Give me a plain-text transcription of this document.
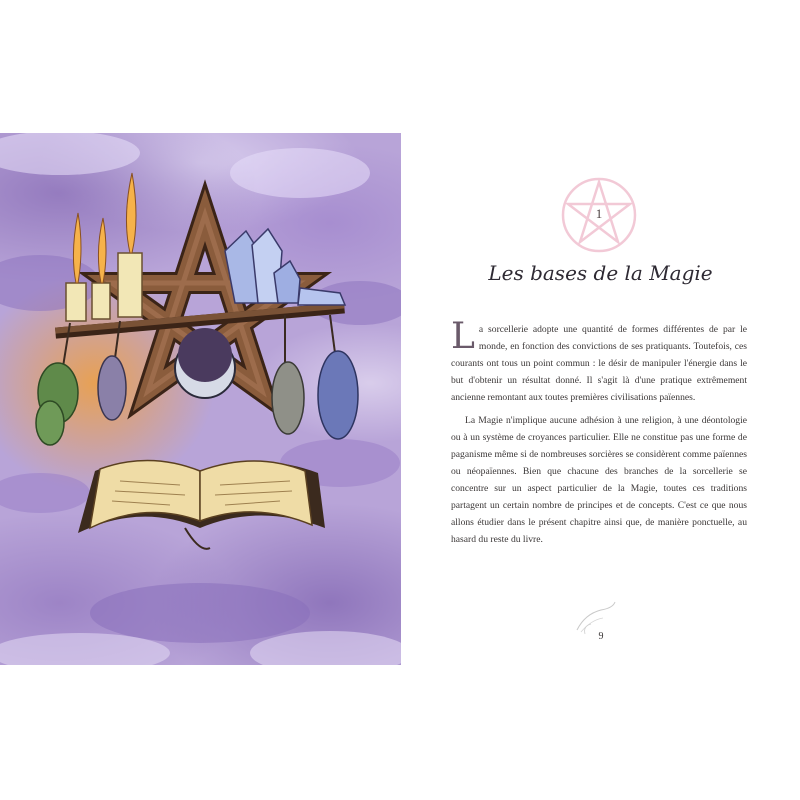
1
Les bases de la Magie

La sorcellerie adopte une quantité de formes différentes de par le monde, en fonction des convictions de ses pratiquants. Toutefois, ces courants ont tous un point commun : le désir de manipuler l'énergie dans le but d'obtenir un résultat donné. Il s'agit là d'une pratique extrêmement ancienne remontant aux toutes premières civilisations païennes.

La Magie n'implique aucune adhésion à une religion, à une déontologie ou à un système de croyances particulier. Elle ne constitue pas une forme de paganisme même si de nombreuses sorcières se considèrent comme païennes ou néopaïennes. Bien que chacune des branches de la sorcellerie se concentre sur un aspect particulier de la Magie, toutes ces traditions partagent un certain nombre de principes et de concepts. C'est ce que nous allons étudier dans le présent chapitre ainsi que, de manière ponctuelle, au hasard du reste du livre.

9
